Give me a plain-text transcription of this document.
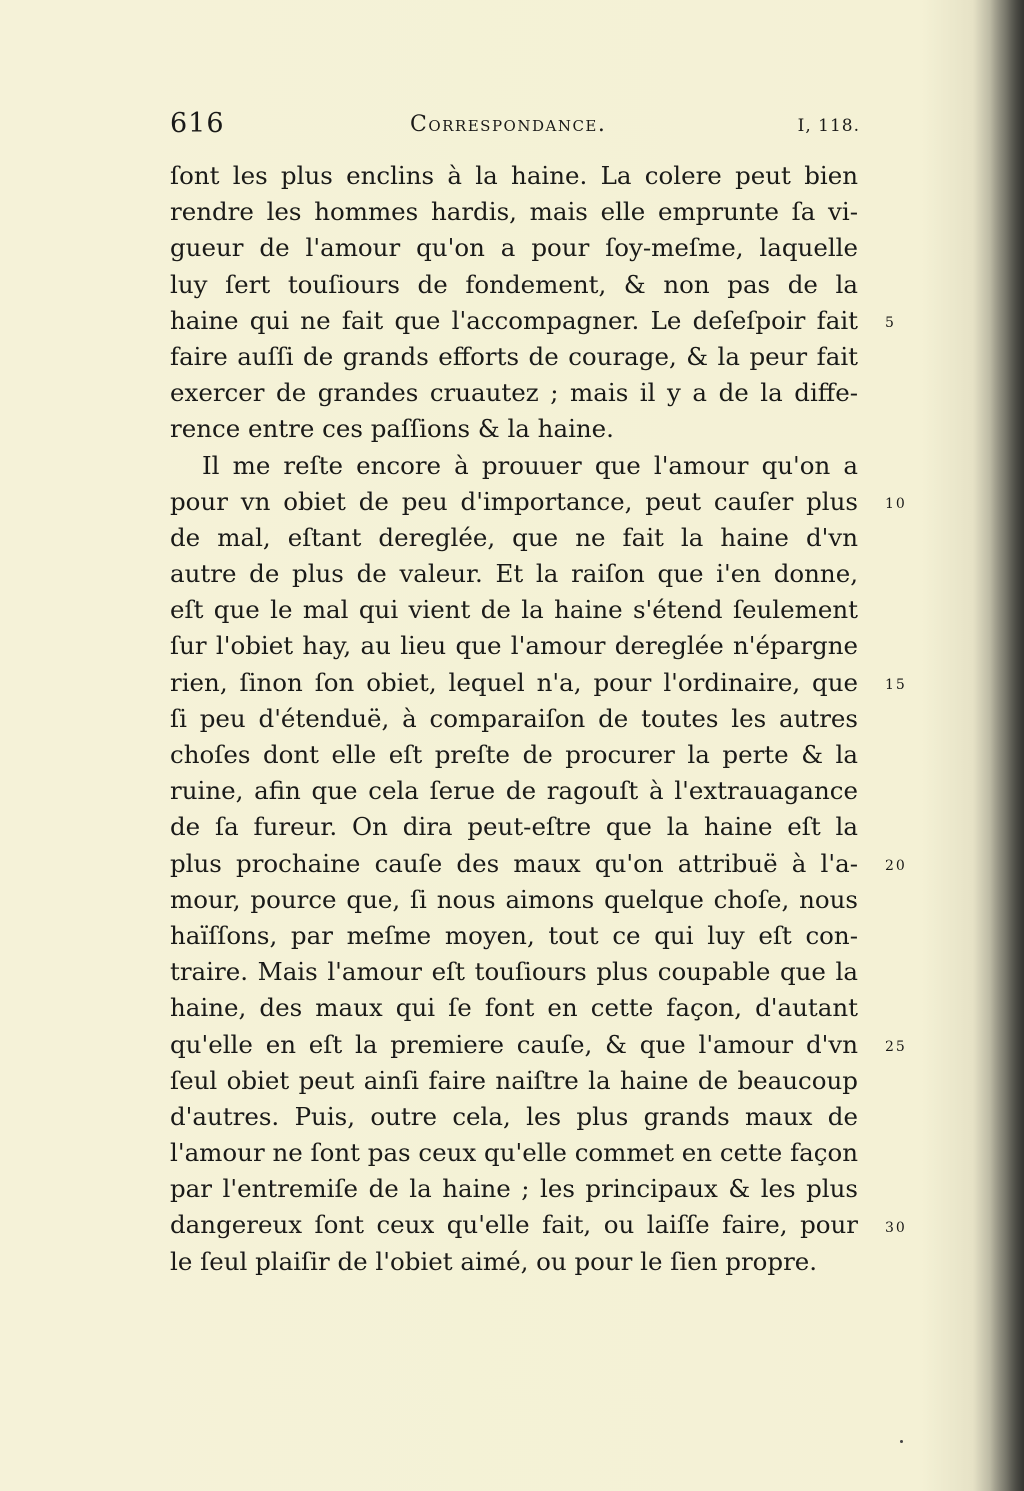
616	Correspondance.	I, 118.
ſont les plus enclins à la haine. La colere peut bien
rendre les hommes hardis, mais elle emprunte ſa vi-
gueur de l'amour qu'on a pour ſoy-meſme, laquelle
luy ſert touſiours de fondement, & non pas de la
haine qui ne fait que l'accompagner. Le deſeſpoir fait
faire auſſi de grands efforts de courage, & la peur fait
exercer de grandes cruautez ; mais il y a de la diffe-
rence entre ces paſſions & la haine.
Il me reſte encore à prouuer que l'amour qu'on a
pour vn obiet de peu d'importance, peut cauſer plus
de mal, eſtant dereglée, que ne fait la haine d'vn
autre de plus de valeur. Et la raiſon que i'en donne,
eſt que le mal qui vient de la haine s'étend ſeulement
ſur l'obiet hay, au lieu que l'amour dereglée n'épargne
rien, ſinon ſon obiet, lequel n'a, pour l'ordinaire, que
ſi peu d'étenduë, à comparaiſon de toutes les autres
choſes dont elle eſt preſte de procurer la perte & la
ruine, afin que cela ſerue de ragouſt à l'extrauagance
de ſa fureur. On dira peut-eſtre que la haine eſt la
plus prochaine cauſe des maux qu'on attribuë à l'a-
mour, pource que, ſi nous aimons quelque choſe, nous
haïſſons, par meſme moyen, tout ce qui luy eſt con-
traire. Mais l'amour eſt touſiours plus coupable que la
haine, des maux qui ſe font en cette façon, d'autant
qu'elle en eſt la premiere cauſe, & que l'amour d'vn
ſeul obiet peut ainſi faire naiſtre la haine de beaucoup
d'autres. Puis, outre cela, les plus grands maux de
l'amour ne ſont pas ceux qu'elle commet en cette façon
par l'entremiſe de la haine ; les principaux & les plus
dangereux ſont ceux qu'elle fait, ou laiſſe faire, pour
le ſeul plaiſir de l'obiet aimé, ou pour le ſien propre.
5
10
15
20
25
30
